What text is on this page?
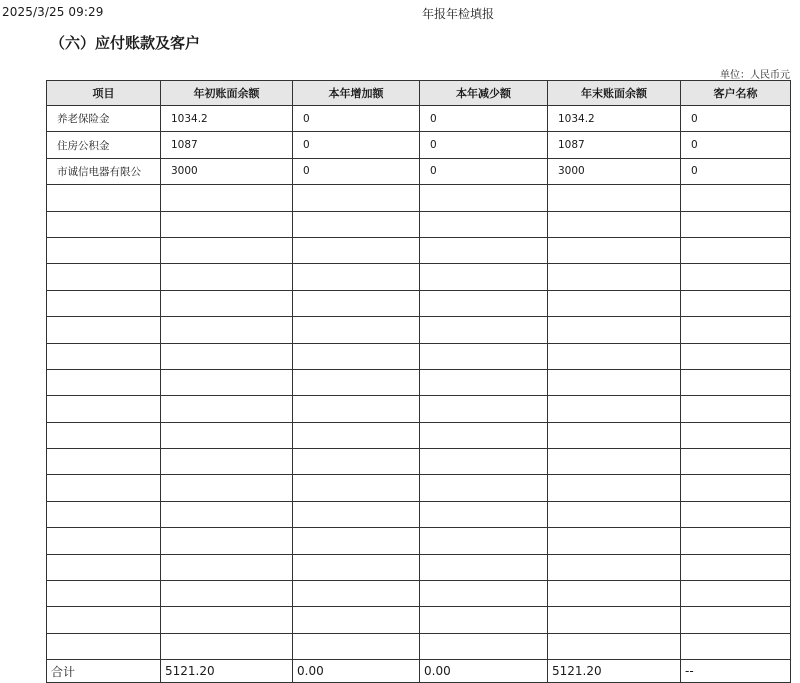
2025/3/25 09:29	年报年检填报
（六）应付账款及客户
单位：人民币元
项目	年初账面余额	本年增加额	本年减少额	年末账面余额	客户名称
养老保险金	1034.2	0	0	1034.2	0
住房公积金	1087	0	0	1087	0
市诚信电器有限公	3000	0	0	3000	0

合计	5121.20	0.00	0.00	5121.20	--
